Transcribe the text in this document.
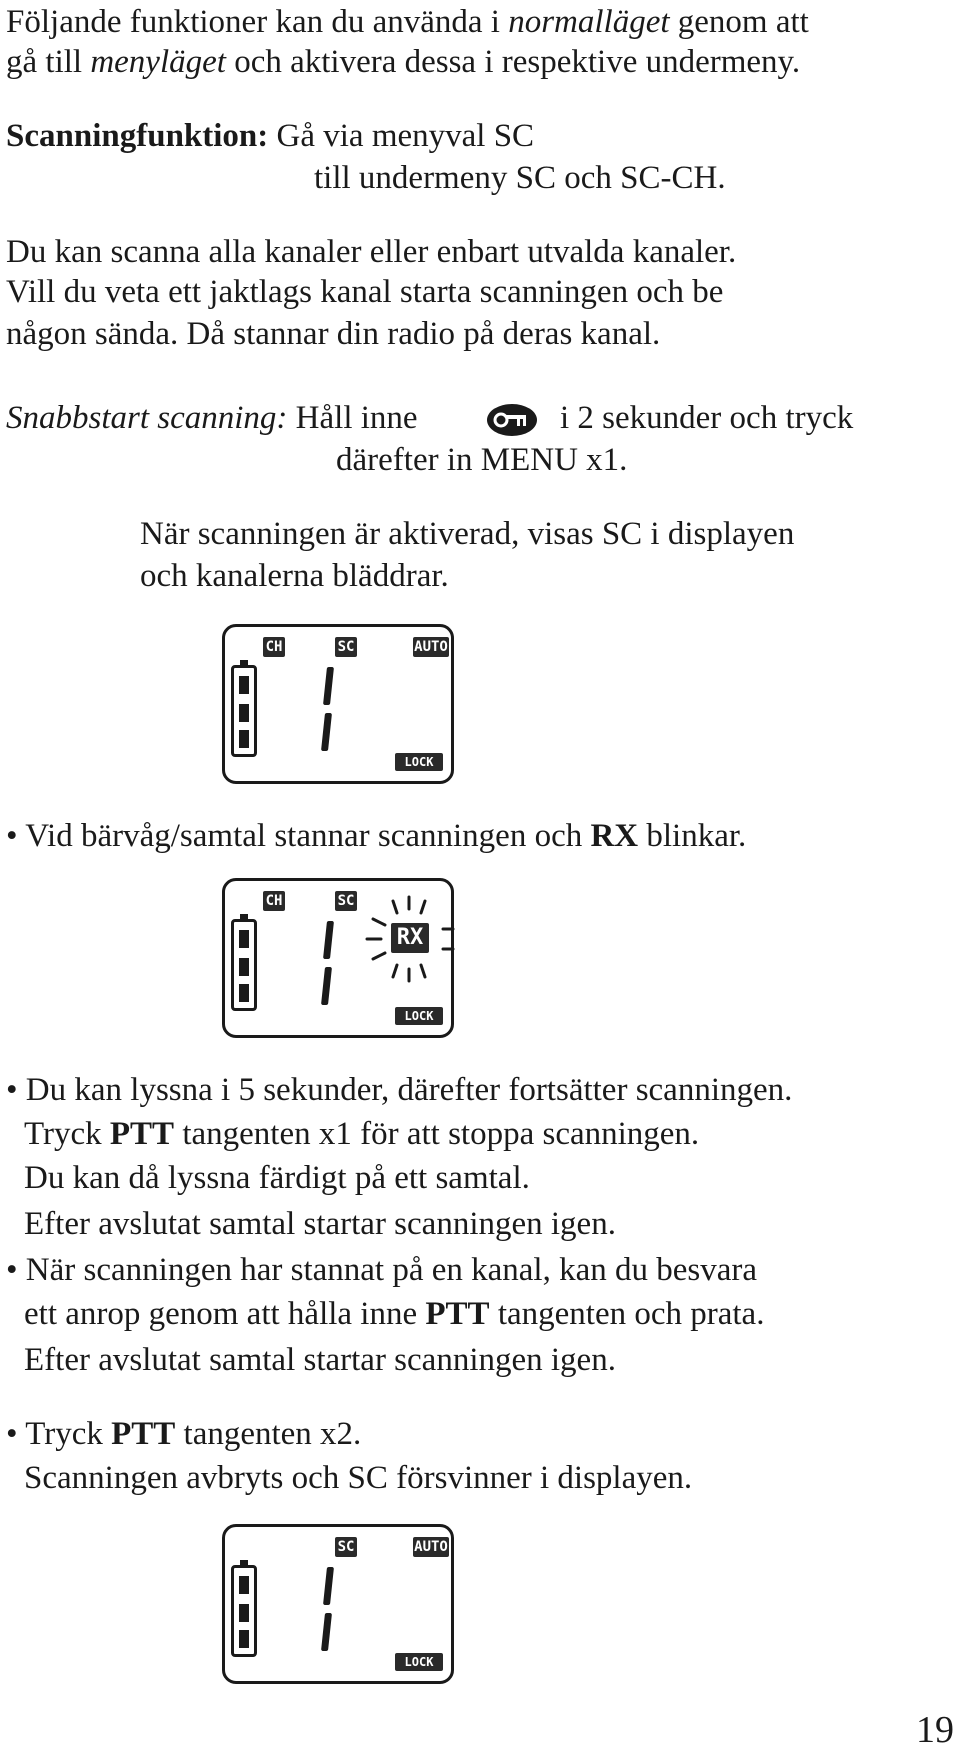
Följande funktioner kan du använda i normalläget genom att
gå till menyläget och aktivera dessa i respektive undermeny.
Scanningfunktion: Gå via menyval SC
till undermeny SC och SC-CH.
Du kan scanna alla kanaler eller enbart utvalda kanaler.
Vill du veta ett jaktlags kanal starta scanningen och be
någon sända. Då stannar din radio på deras kanal.
Snabbstart scanning: Håll inne	i 2 sekunder och tryck
därefter in MENU x1.
När scanningen är aktiverad, visas SC i displayen
och kanalerna bläddrar.
CH	SC	AUTO
LOCK
• Vid bärvåg/samtal stannar scanningen och RX blinkar.
CH	SC
RX
LOCK
• Du kan lyssna i 5 sekunder, därefter fortsätter scanningen.
Tryck PTT tangenten x1 för att stoppa scanningen.
Du kan då lyssna färdigt på ett samtal.
Efter avslutat samtal startar scanningen igen.
• När scanningen har stannat på en kanal, kan du besvara
ett anrop genom att hålla inne PTT tangenten och prata.
Efter avslutat samtal startar scanningen igen.
• Tryck PTT tangenten x2.
Scanningen avbryts och SC försvinner i displayen.
SC	AUTO
LOCK
19
